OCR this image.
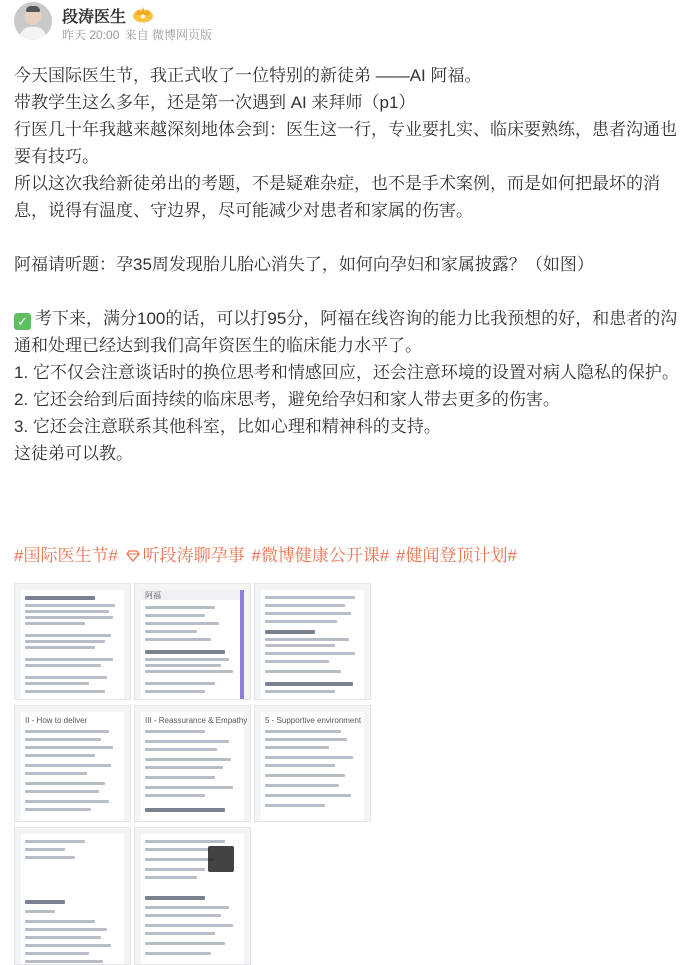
段涛医生
昨天 20:00 来自 微博网页版

今天国际医生节，我正式收了一位特别的新徒弟 ——AI 阿福。

带教学生这么多年，还是第一次遇到 AI 来拜师（p1）

行医几十年我越来越深刻地体会到：医生这一行，专业要扎实、临床要熟练，患者沟通也要有技巧。

所以这次我给新徒弟出的考题，不是疑难杂症，也不是手术案例，而是如何把最坏的消息，说得有温度、守边界，尽可能减少对患者和家属的伤害。

阿福请听题：孕35周发现胎儿胎心消失了，如何向孕妇和家属披露？（如图）

✓ 考下来，满分100的话，可以打95分，阿福在线咨询的能力比我预想的好，和患者的沟通和处理已经达到我们高年资医生的临床能力水平了。

1. 它不仅会注意谈话时的换位思考和情感回应，还会注意环境的设置对病人隐私的保护。

2. 它还会给到后面持续的临床思考，避免给孕妇和家人带去更多的伤害。

3. 它还会注意联系其他科室，比如心理和精神科的支持。

这徒弟可以教。

#国际医生节# 听段涛聊孕事 #微博健康公开课# #健闻登顶计划#
阿福
II - How to deliver	III - Reassurance & Empathy 5 - Supportive environment
